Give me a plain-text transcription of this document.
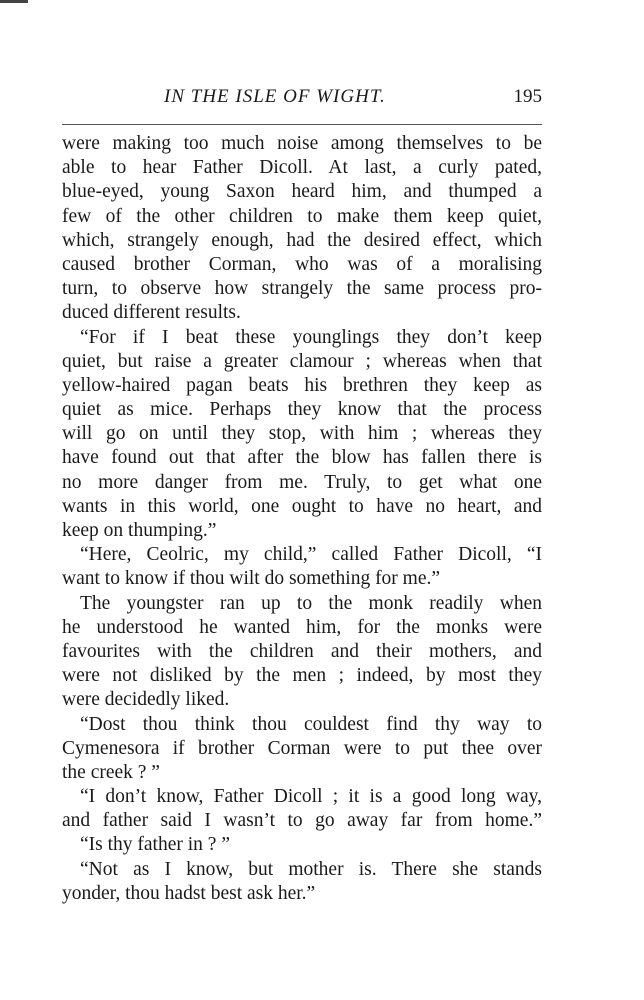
IN THE ISLE OF WIGHT.	195
were making too much noise among themselves to be
able to hear Father Dicoll. At last, a curly pated,
blue-eyed, young Saxon heard him, and thumped a
few of the other children to make them keep quiet,
which, strangely enough, had the desired effect, which
caused brother Corman, who was of a moralising
turn, to observe how strangely the same process pro-
duced different results.
“For if I beat these younglings they don’t keep
quiet, but raise a greater clamour ; whereas when that
yellow-haired pagan beats his brethren they keep as
quiet as mice. Perhaps they know that the process
will go on until they stop, with him ; whereas they
have found out that after the blow has fallen there is
no more danger from me. Truly, to get what one
wants in this world, one ought to have no heart, and
keep on thumping.”
“Here, Ceolric, my child,” called Father Dicoll, “I
want to know if thou wilt do something for me.”
The youngster ran up to the monk readily when
he understood he wanted him, for the monks were
favourites with the children and their mothers, and
were not disliked by the men ; indeed, by most they
were decidedly liked.
“Dost thou think thou couldest find thy way to
Cymenesora if brother Corman were to put thee over
the creek ? ”
“I don’t know, Father Dicoll ; it is a good long way,
and father said I wasn’t to go away far from home.”
“Is thy father in ? ”
“Not as I know, but mother is. There she stands
yonder, thou hadst best ask her.”
